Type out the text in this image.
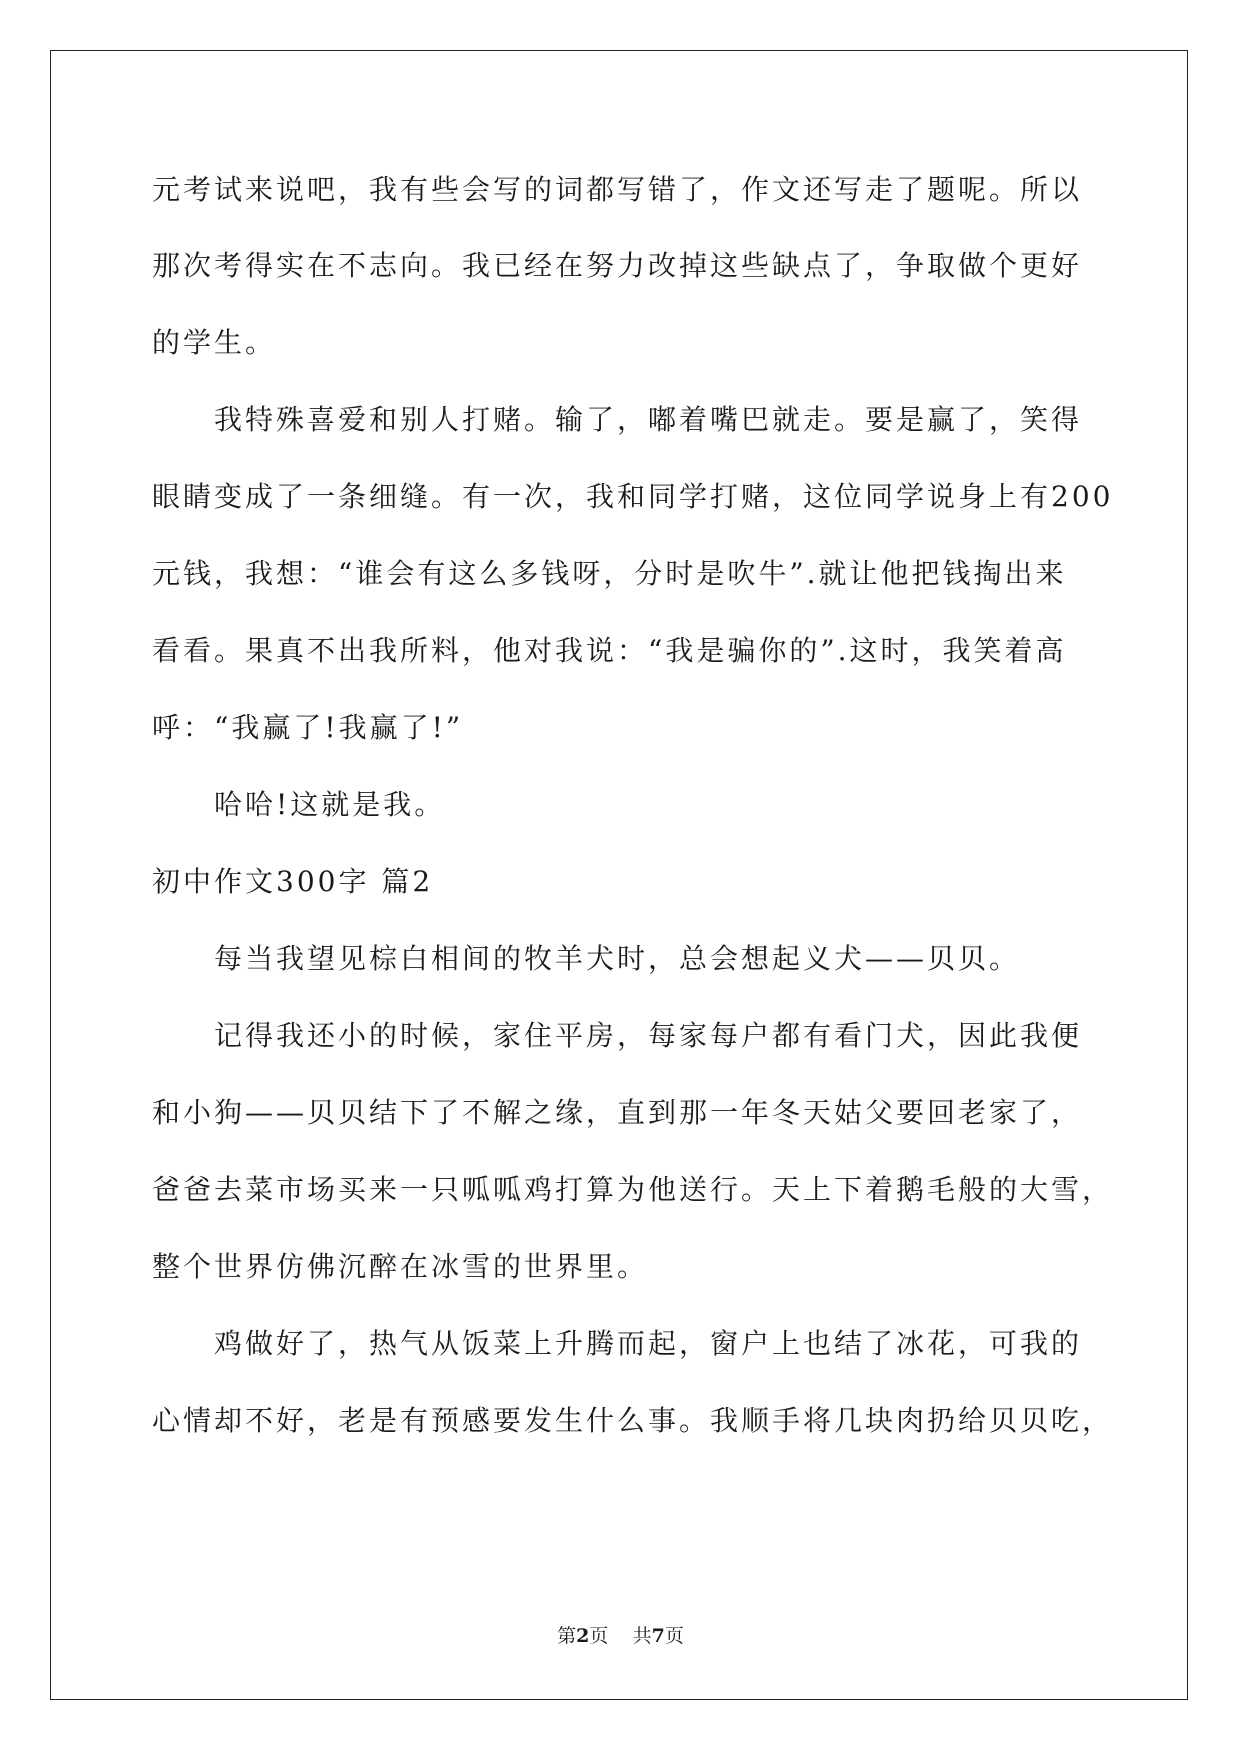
元考试来说吧，我有些会写的词都写错了，作文还写走了题呢。所以
那次考得实在不志向。我已经在努力改掉这些缺点了，争取做个更好
的学生。
我特殊喜爱和别人打赌。输了，嘟着嘴巴就走。要是赢了，笑得
眼睛变成了一条细缝。有一次，我和同学打赌，这位同学说身上有200
元钱，我想：“谁会有这么多钱呀，分时是吹牛”.就让他把钱掏出来
看看。果真不出我所料，他对我说：“我是骗你的”.这时，我笑着高
呼：“我赢了!我赢了!”
哈哈!这就是我。
初中作文300字 篇2
每当我望见棕白相间的牧羊犬时，总会想起义犬——贝贝。
记得我还小的时候，家住平房，每家每户都有看门犬，因此我便
和小狗——贝贝结下了不解之缘，直到那一年冬天姑父要回老家了，
爸爸去菜市场买来一只呱呱鸡打算为他送行。天上下着鹅毛般的大雪，
整个世界仿佛沉醉在冰雪的世界里。
鸡做好了，热气从饭菜上升腾而起，窗户上也结了冰花，可我的
心情却不好，老是有预感要发生什么事。我顺手将几块肉扔给贝贝吃，
第2页 共7页
